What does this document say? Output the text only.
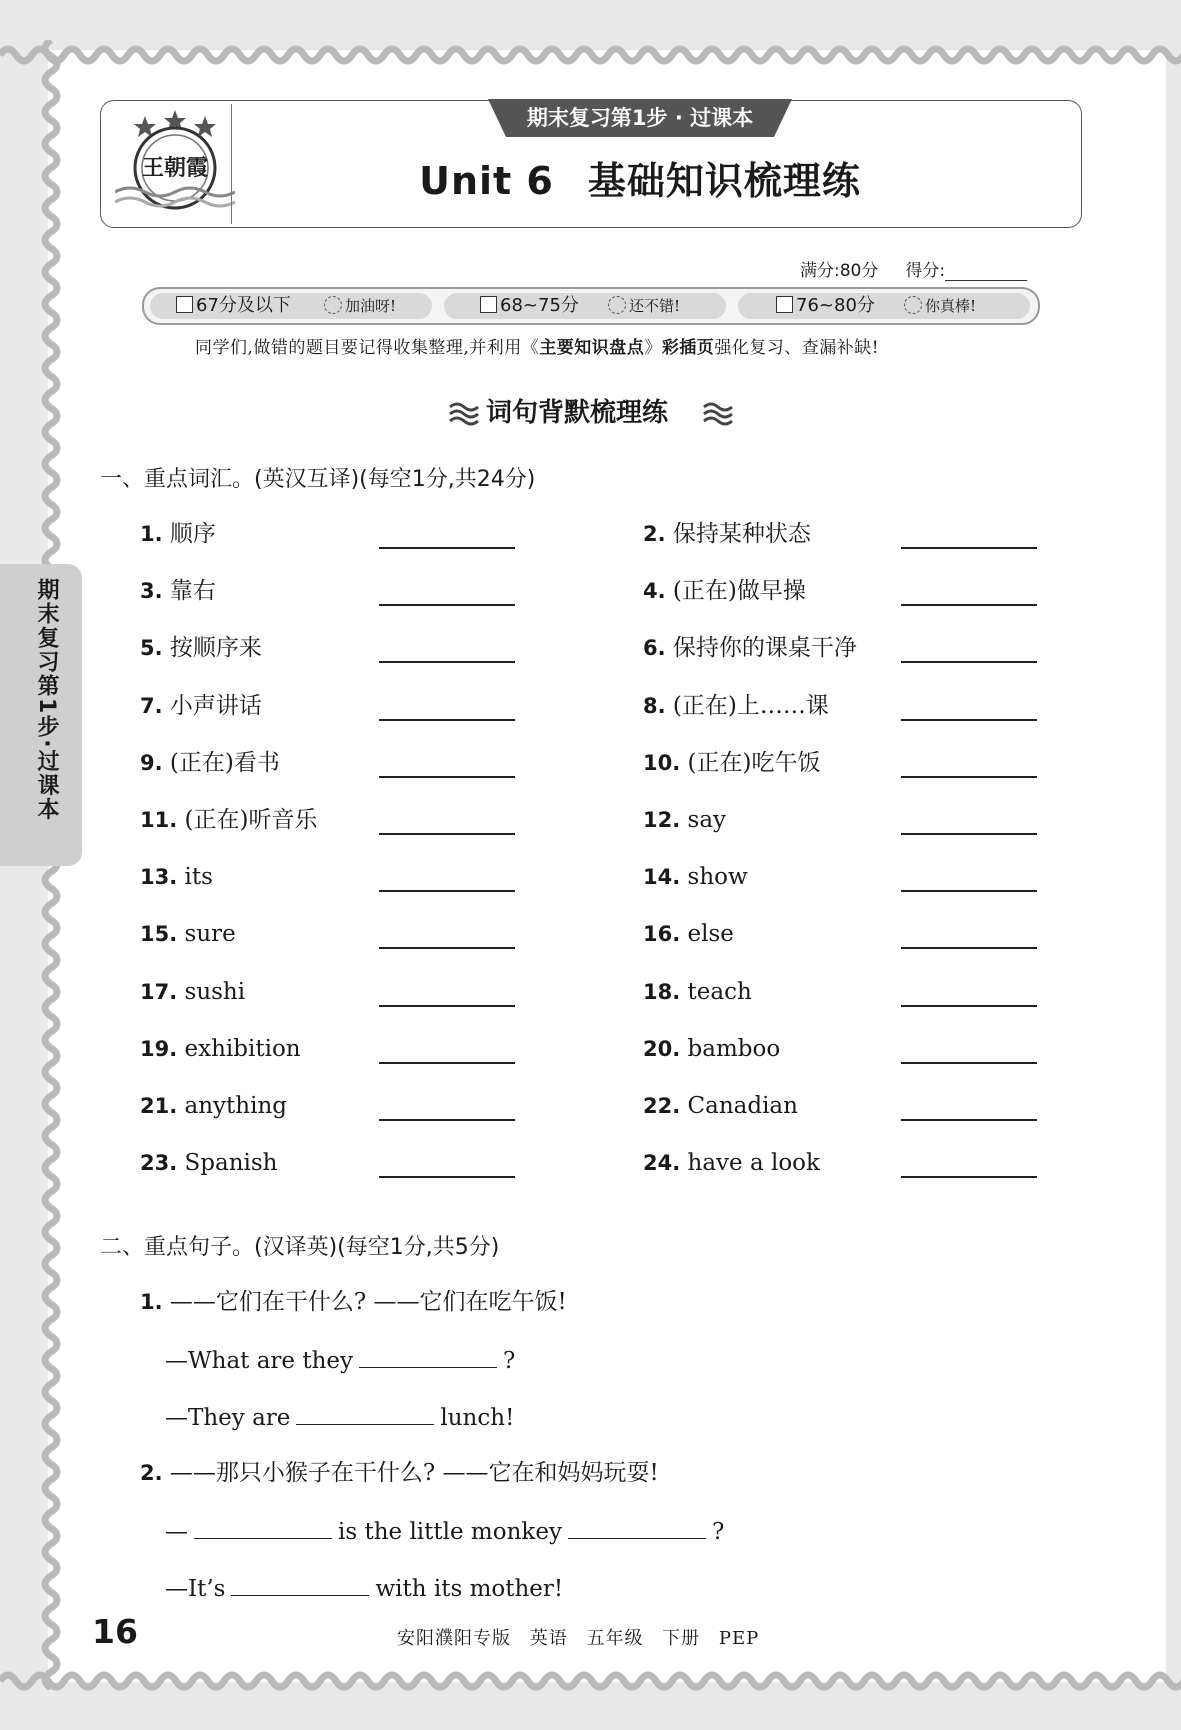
王朝霞
期末复习第1步 · 过课本
Unit 6 基础知识梳理练
满分:80分 得分:
67分及以下	加油呀!	68~75分	还不错!	76~80分	你真棒!
同学们,做错的题目要记得收集整理,并利用《主要知识盘点》彩插页强化复习、查漏补缺!
词句背默梳理练
一、重点词汇。(英汉互译)(每空1分,共24分)
1. 顺序	2. 保持某种状态
3. 靠右	4. (正在)做早操
5. 按顺序来	6. 保持你的课桌干净
7. 小声讲话	8. (正在)上……课
9. (正在)看书	10. (正在)吃午饭
11. (正在)听音乐	12. say
13. its	14. show
15. sure	16. else
17. sushi	18. teach
19. exhibition	20. bamboo
21. anything	22. Canadian
23. Spanish	24. have a look
二、重点句子。(汉译英)(每空1分,共5分)
1. ——它们在干什么? ——它们在吃午饭!
—What are they	?
—They are	lunch!
2. ——那只小猴子在干什么? ——它在和妈妈玩耍!
—	is the little monkey	?
—It’s	with its mother!
期末复习第1步·过课本
16	安阳濮阳专版 英语 五年级 下册 PEP
